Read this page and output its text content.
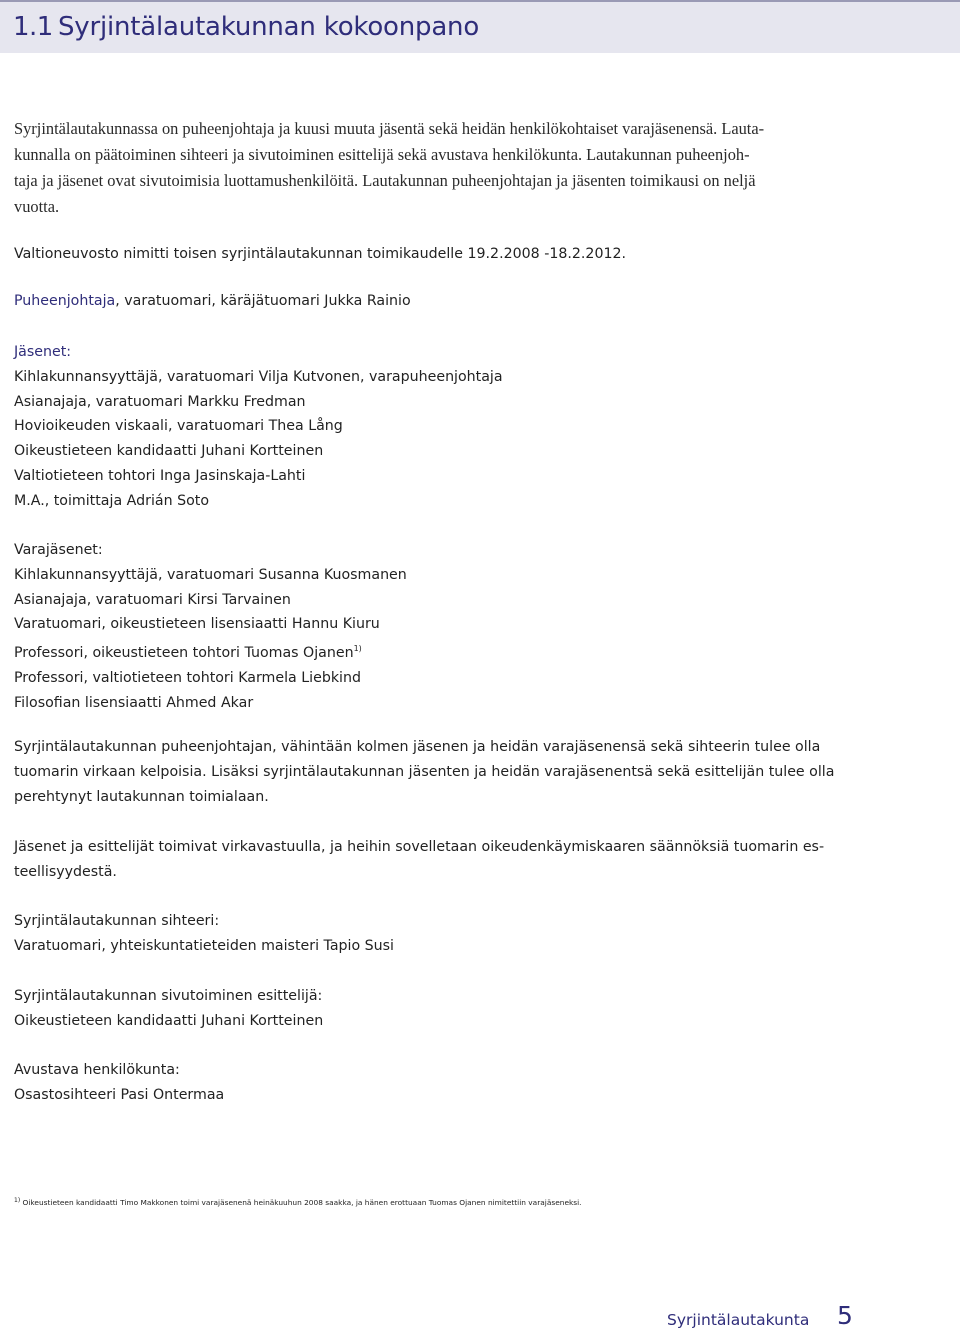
1.1 Syrjintälautakunnan kokoonpano
Syrjintälautakunnassa on puheenjohtaja ja kuusi muuta jäsentä sekä heidän henkilökohtaiset varajäsenensä. Lauta-
kunnalla on päätoiminen sihteeri ja sivutoiminen esittelijä sekä avustava henkilökunta. Lautakunnan puheenjoh-
taja ja jäsenet ovat sivutoimisia luottamushenkilöitä. Lautakunnan puheenjohtajan ja jäsenten toimikausi on neljä
vuotta.
Valtioneuvosto nimitti toisen syrjintälautakunnan toimikaudelle 19.2.2008 -18.2.2012.
Puheenjohtaja, varatuomari, käräjätuomari Jukka Rainio
Jäsenet:
Kihlakunnansyyttäjä, varatuomari Vilja Kutvonen, varapuheenjohtaja
Asianajaja, varatuomari Markku Fredman
Hovioikeuden viskaali, varatuomari Thea Lång
Oikeustieteen kandidaatti Juhani Kortteinen
Valtiotieteen tohtori Inga Jasinskaja-Lahti
M.A., toimittaja Adrián Soto
Varajäsenet:
Kihlakunnansyyttäjä, varatuomari Susanna Kuosmanen
Asianajaja, varatuomari Kirsi Tarvainen
Varatuomari, oikeustieteen lisensiaatti Hannu Kiuru
Professori, oikeustieteen tohtori Tuomas Ojanen$^{1)}$
Professori, valtiotieteen tohtori Karmela Liebkind
Filosofian lisensiaatti Ahmed Akar
Syrjintälautakunnan puheenjohtajan, vähintään kolmen jäsenen ja heidän varajäsenensä sekä sihteerin tulee olla
tuomarin virkaan kelpoisia. Lisäksi syrjintälautakunnan jäsenten ja heidän varajäsenentsä sekä esittelijän tulee olla
perehtynyt lautakunnan toimialaan.
Jäsenet ja esittelijät toimivat virkavastuulla, ja heihin sovelletaan oikeudenkäymiskaaren säännöksiä tuomarin es-
teellisyydestä.
Syrjintälautakunnan sihteeri:
Varatuomari, yhteiskuntatieteiden maisteri Tapio Susi
Syrjintälautakunnan sivutoiminen esittelijä:
Oikeustieteen kandidaatti Juhani Kortteinen
Avustava henkilökunta:
Osastosihteeri Pasi Ontermaa
$^{1)}$ Oikeustieteen kandidaatti Timo Makkonen toimi varajäsenenä heinäkuuhun 2008 saakka, ja hänen erottuaan Tuomas Ojanen nimitettiin varajäseneksi.
Syrjintälautakunta 5
